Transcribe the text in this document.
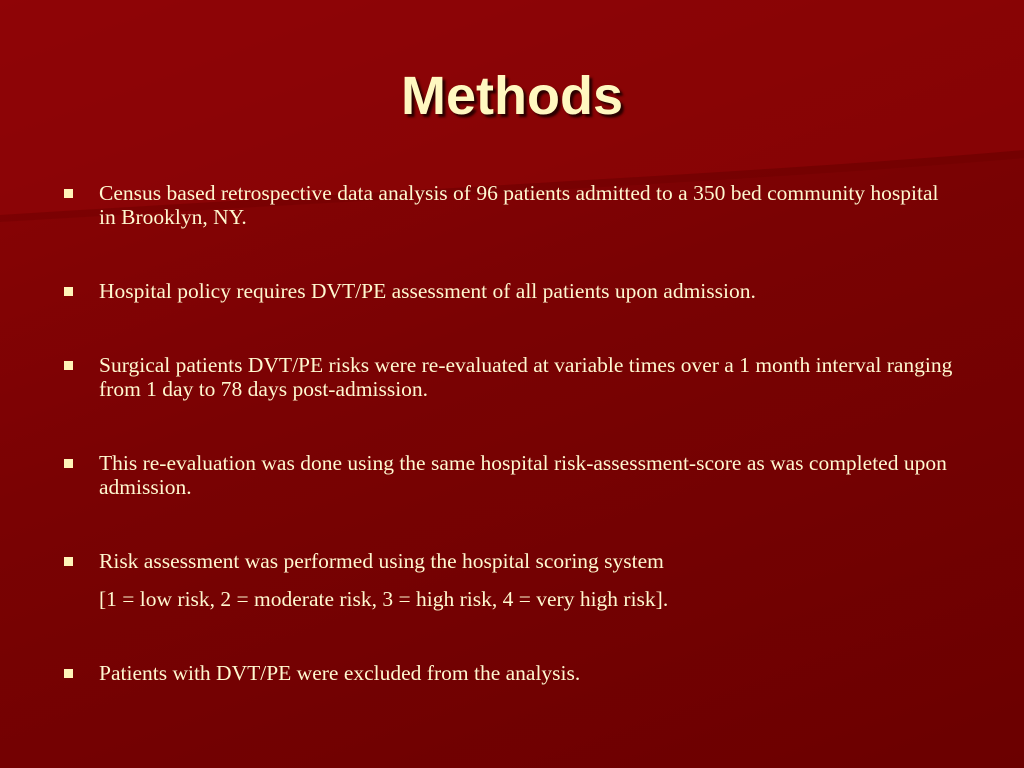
Methods
Census based retrospective data analysis of 96 patients admitted to a 350 bed community hospital in Brooklyn, NY.
Hospital policy requires DVT/PE assessment of all patients upon admission.
Surgical patients DVT/PE risks were re-evaluated at variable times over a 1 month interval ranging from 1 day to 78 days post-admission.
This re-evaluation was done using the same hospital risk-assessment-score as was completed upon admission.
Risk assessment was performed using the hospital scoring system
[1 = low risk, 2 = moderate risk, 3 = high risk, 4 = very high risk].
Patients with DVT/PE were excluded from the analysis.
